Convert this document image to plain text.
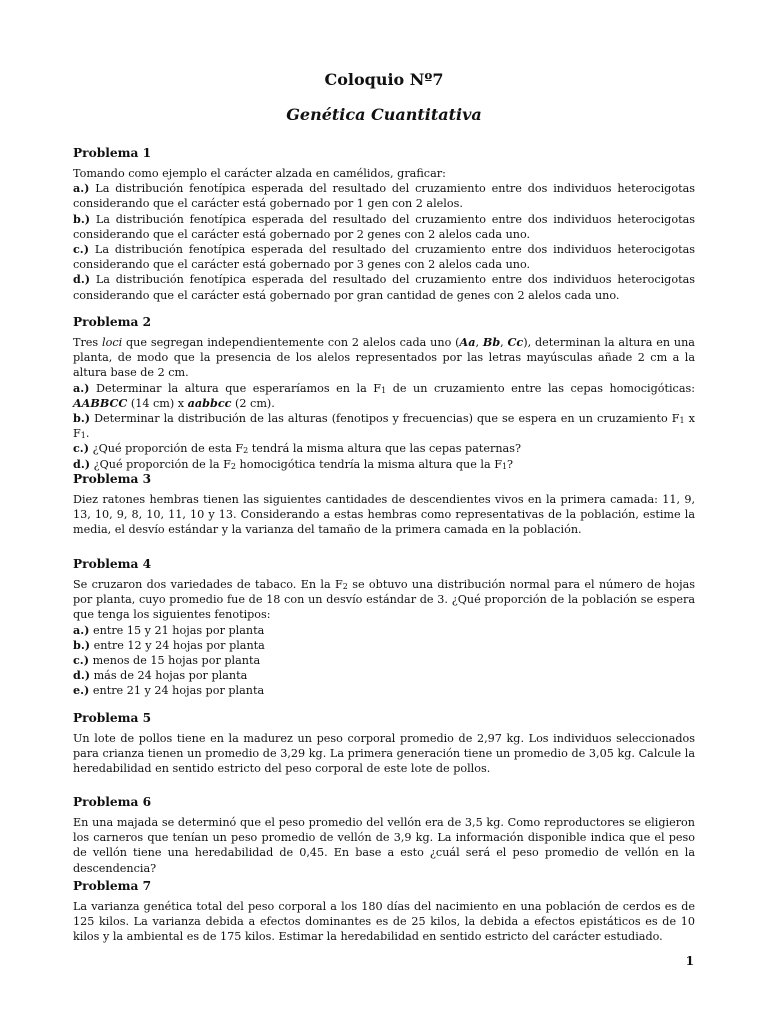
Coloquio Nº7
Genética Cuantitativa

Problema 1

Tomando como ejemplo el carácter alzada en camélidos, graficar:

a.) La distribución fenotípica esperada del resultado del cruzamiento entre dos individuos heterocigotas considerando que el carácter está gobernado por 1 gen con 2 alelos.

b.) La distribución fenotípica esperada del resultado del cruzamiento entre dos individuos heterocigotas considerando que el carácter está gobernado por 2 genes con 2 alelos cada uno.

c.) La distribución fenotípica esperada del resultado del cruzamiento entre dos individuos heterocigotas considerando que el carácter está gobernado por 3 genes con 2 alelos cada uno.

d.) La distribución fenotípica esperada del resultado del cruzamiento entre dos individuos heterocigotas considerando que el carácter está gobernado por gran cantidad de genes con 2 alelos cada uno.

Problema 2

Tres loci que segregan independientemente con 2 alelos cada uno (Aa, Bb, Cc), determinan la altura en una planta, de modo que la presencia de los alelos representados por las letras mayúsculas añade 2 cm a la altura base de 2 cm.

a.) Determinar la altura que esperaríamos en la $F_1$ de un cruzamiento entre las cepas homocigóticas: AABBCC (14 cm) x aabbcc (2 cm).

b.) Determinar la distribución de las alturas (fenotipos y frecuencias) que se espera en un cruzamiento $F_1$ x $F_1$.

c.) ¿Qué proporción de esta $F_2$ tendrá la misma altura que las cepas paternas?

d.) ¿Qué proporción de la $F_2$ homocigótica tendría la misma altura que la $F_1$?

Problema 3

Diez ratones hembras tienen las siguientes cantidades de descendientes vivos en la primera camada: 11, 9, 13, 10, 9, 8, 10, 11, 10 y 13. Considerando a estas hembras como representativas de la población, estime la media, el desvío estándar y la varianza del tamaño de la primera camada en la población.

Problema 4

Se cruzaron dos variedades de tabaco. En la $F_2$ se obtuvo una distribución normal para el número de hojas por planta, cuyo promedio fue de 18 con un desvío estándar de 3. ¿Qué proporción de la población se espera que tenga los siguientes fenotipos:

a.) entre 15 y 21 hojas por planta

b.) entre 12 y 24 hojas por planta

c.) menos de 15 hojas por planta

d.) más de 24 hojas por planta

e.) entre 21 y 24 hojas por planta

Problema 5

Un lote de pollos tiene en la madurez un peso corporal promedio de 2,97 kg. Los individuos seleccionados para crianza tienen un promedio de 3,29 kg. La primera generación tiene un promedio de 3,05 kg. Calcule la heredabilidad en sentido estricto del peso corporal de este lote de pollos.

Problema 6

En una majada se determinó que el peso promedio del vellón era de 3,5 kg. Como reproductores se eligieron los carneros que tenían un peso promedio de vellón de 3,9 kg. La información disponible indica que el peso de vellón tiene una heredabilidad de 0,45. En base a esto ¿cuál será el peso promedio de vellón en la descendencia?

Problema 7

La varianza genética total del peso corporal a los 180 días del nacimiento en una población de cerdos es de 125 kilos. La varianza debida a efectos dominantes es de 25 kilos, la debida a efectos epistáticos es de 10 kilos y la ambiental es de 175 kilos. Estimar la heredabilidad en sentido estricto del carácter estudiado.

1
